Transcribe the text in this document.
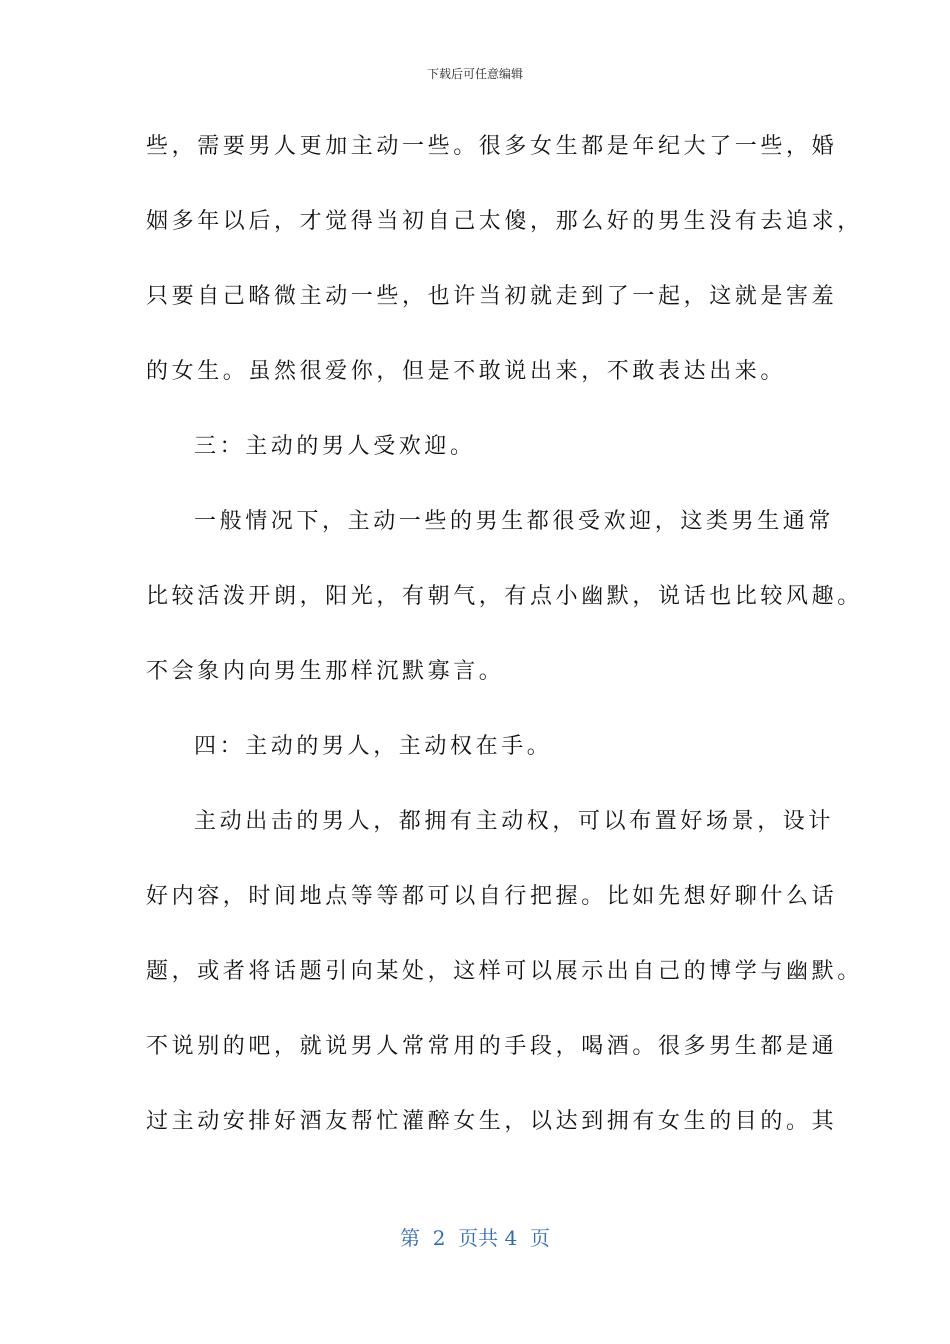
下载后可任意编辑
些，需要男人更加主动一些。很多女生都是年纪大了一些，婚
姻多年以后，才觉得当初自己太傻，那么好的男生没有去追求，
只要自己略微主动一些，也许当初就走到了一起，这就是害羞
的女生。虽然很爱你，但是不敢说出来，不敢表达出来。
三：主动的男人受欢迎。
一般情况下，主动一些的男生都很受欢迎，这类男生通常
比较活泼开朗，阳光，有朝气，有点小幽默，说话也比较风趣。
不会象内向男生那样沉默寡言。
四：主动的男人，主动权在手。
主动出击的男人，都拥有主动权，可以布置好场景，设计
好内容，时间地点等等都可以自行把握。比如先想好聊什么话
题，或者将话题引向某处，这样可以展示出自己的博学与幽默。
不说别的吧，就说男人常常用的手段，喝酒。很多男生都是通
过主动安排好酒友帮忙灌醉女生，以达到拥有女生的目的。其
第  2  页共 4  页
